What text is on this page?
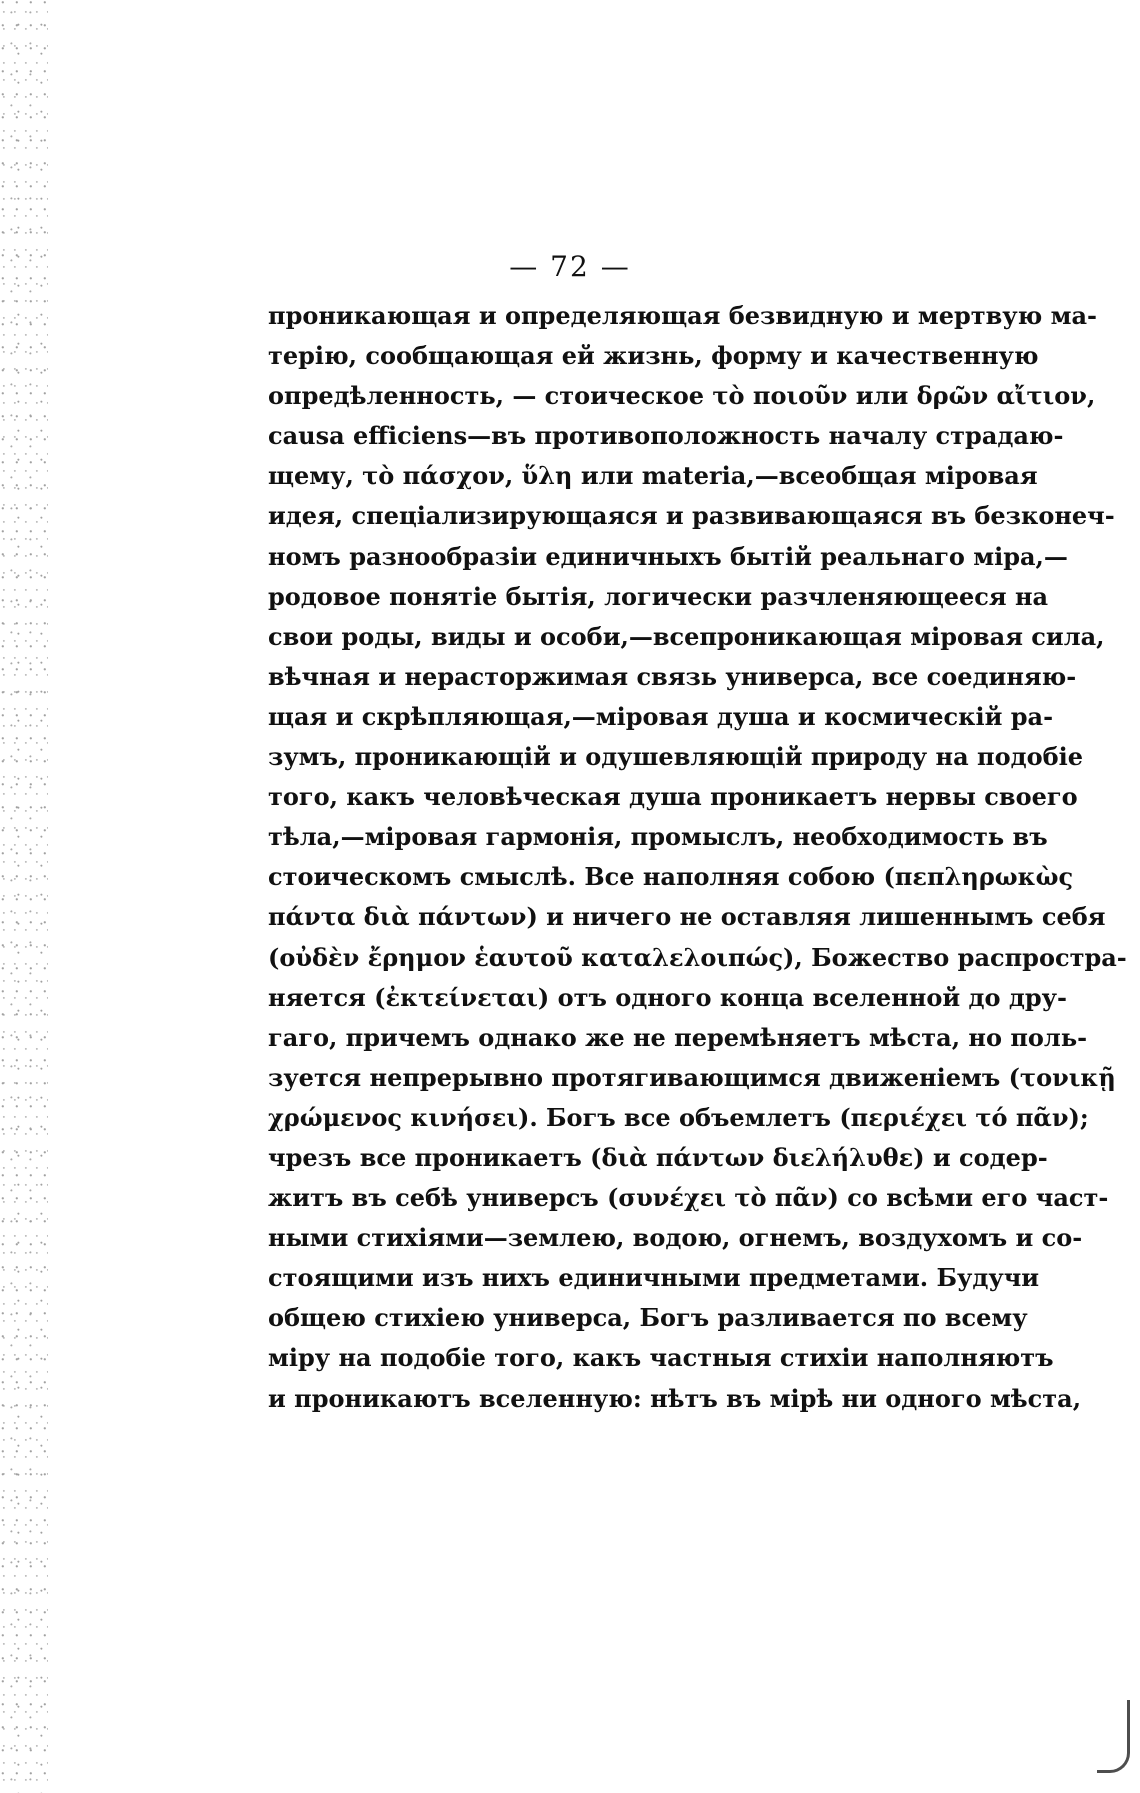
— 72 —
проникающая и определяющая безвидную и мертвую ма-
терію, сообщающая ей жизнь, форму и качественную
опредѣленность, — стоическое τὸ ποιοῦν или δρῶν αἴτιον,
causa efficiens—въ противоположность началу страдаю-
щему, τὸ πάσχον, ὕλη или materia,—всеобщая міровая
идея, спеціализирующаяся и развивающаяся въ безконеч-
номъ разнообразіи единичныхъ бытій реальнаго міра,—
родовое понятіе бытія, логически разчленяющееся на
свои роды, виды и особи,—всепроникающая міровая сила,
вѣчная и нерасторжимая связь универса, все соединяю-
щая и скрѣпляющая,—міровая душа и космическій ра-
зумъ, проникающій и одушевляющій природу на подобіе
того, какъ человѣческая душа проникаетъ нервы своего
тѣла,—міровая гармонія, промыслъ, необходимость въ
стоическомъ смыслѣ. Все наполняя собою (πεπληρωκὼς
πάντα διὰ πάντων) и ничего не оставляя лишеннымъ себя
(οὐδὲν ἔρημον ἑαυτοῦ καταλελοιπώς), Божество распростра-
няется (ἐκτείνεται) отъ одного конца вселенной до дру-
гаго, причемъ однако же не перемѣняетъ мѣста, но поль-
зуется непрерывно протягивающимся движеніемъ (τονικῇ
χρώμενος κινήσει). Богъ все объемлетъ (περιέχει τό πᾶν);
чрезъ все проникаетъ (διὰ πάντων διελήλυθε) и содер-
житъ въ себѣ универсъ (συνέχει τὸ πᾶν) со всѣми его част-
ными стихіями—землею, водою, огнемъ, воздухомъ и со-
стоящими изъ нихъ единичными предметами. Будучи
общею стихіею универса, Богъ разливается по всему
міру на подобіе того, какъ частныя стихіи наполняютъ
и проникаютъ вселенную: нѣтъ въ мірѣ ни одного мѣста,
